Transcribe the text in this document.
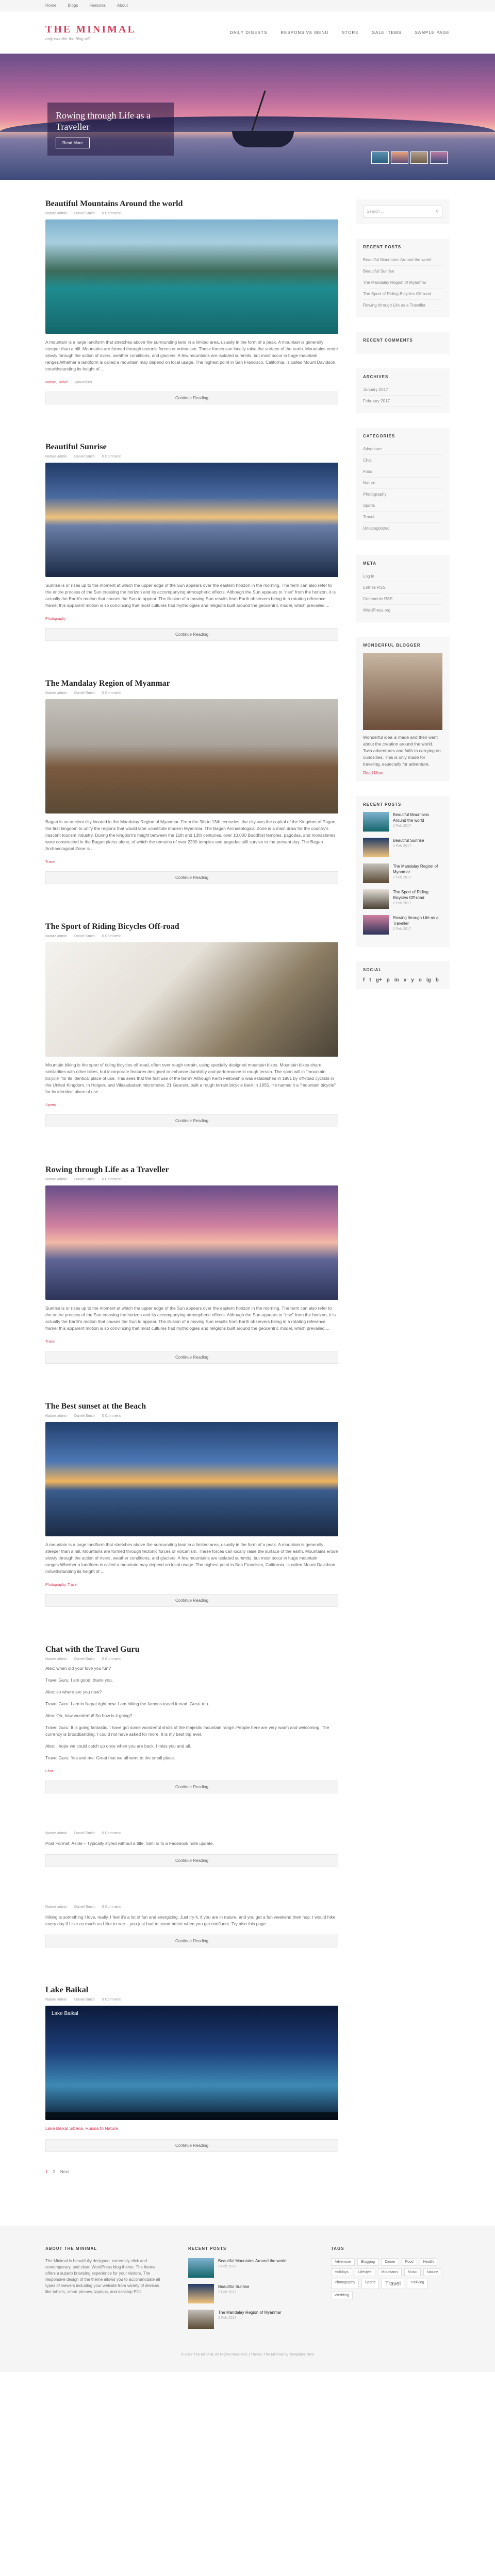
Home	Blogs	Features	About
THE MINIMAL
only wonder the blog will
DAILY DIGESTS	RESPONSIVE MENU	STORE	SALE ITEMS	SAMPLE PAGE
Rowing through Life as a Traveller
Read More
Beautiful Mountains Around the world
Nature admin Daniel Smith 0 Comment
A mountain is a large landform that stretches above the surrounding land in a limited area, usually in the form of a peak. A mountain is generally steeper than a hill. Mountains are formed through tectonic forces or volcanism. These forces can locally raise the surface of the earth. Mountains erode slowly through the action of rivers, weather conditions, and glaciers. A few mountains are isolated summits, but most occur in huge mountain ranges.Whether a landform is called a mountain may depend on local usage. The highest point in San Francisco, California, is called Mount Davidson, notwithstanding its height of ...
Nature, Travel Mountains
Continue Reading
Beautiful Sunrise
Nature admin Daniel Smith 0 Comment
Sunrise is or rises up to the moment at which the upper edge of the Sun appears over the eastern horizon in the morning. The term can also refer to the entire process of the Sun crossing the horizon and its accompanying atmospheric effects. Although the Sun appears to "rise" from the horizon, it is actually the Earth's motion that causes the Sun to appear. The illusion of a moving Sun results from Earth observers being in a rotating reference frame; this apparent motion is so convincing that most cultures had mythologies and religions built around the geocentric model, which prevailed ...
Photography
Continue Reading
The Mandalay Region of Myanmar
Nature admin Daniel Smith 0 Comment
Bagan is an ancient city located in the Mandalay Region of Myanmar. From the 9th to 13th centuries, the city was the capital of the Kingdom of Pagan, the first kingdom to unify the regions that would later constitute modern Myanmar. The Bagan Archaeological Zone is a main draw for the country's nascent tourism industry. During the kingdom's height between the 11th and 13th centuries, over 10,000 Buddhist temples, pagodas, and monasteries were constructed in the Bagan plains alone, of which the remains of over 2200 temples and pagodas still survive to the present day. The Bagan Archaeological Zone is ...
Travel
Continue Reading
The Sport of Riding Bicycles Off-road
Nature admin Daniel Smith 0 Comment
Mountain biking is the sport of riding bicycles off-road, often over rough terrain, using specially designed mountain bikes. Mountain bikes share similarities with other bikes, but incorporate features designed to enhance durability and performance in rough terrain. The sport will in "mountain bicycle" for its identical place of use. This sees that the first use of the term? Although Keith Fellowship was established in 1951 by off-road cyclists in the United Kingdom. In Holgen, and Vilasadadam micromoter, 21 Gearsin, built a rough terrain bicycle back in 1955. He named it a "mountain bicycle" for its identical place of use ...
Sports
Continue Reading
Rowing through Life as a Traveller
Nature admin Daniel Smith 0 Comment
Sunrise is or rises up to the moment at which the upper edge of the Sun appears over the eastern horizon in the morning. The term can also refer to the entire process of the Sun crossing the horizon and its accompanying atmospheric effects. Although the Sun appears to "rise" from the horizon, it is actually the Earth's motion that causes the Sun to appear. The illusion of a moving Sun results from Earth observers being in a rotating reference frame; this apparent motion is so convincing that most cultures had mythologies and religions built around the geocentric model, which prevailed ...
Travel
Continue Reading
The Best sunset at the Beach
Nature admin Daniel Smith 0 Comment
A mountain is a large landform that stretches above the surrounding land in a limited area, usually in the form of a peak. A mountain is generally steeper than a hill. Mountains are formed through tectonic forces or volcanism. These forces can locally raise the surface of the earth. Mountains erode slowly through the action of rivers, weather conditions, and glaciers. A few mountains are isolated summits, but most occur in huge mountain ranges.Whether a landform is called a mountain may depend on local usage. The highest point in San Francisco, California, is called Mount Davidson, notwithstanding its height of ...
Photography, Travel
Continue Reading
Chat with the Travel Guru
Nature admin Daniel Smith 0 Comment

Alex: when did your love you fun?

Travel Guru: I am good. thank you.

Alex: so where are you now?

Travel Guru: I am in Nepal right now. I am hiking the famous travel it road. Great trip.

Alex: Oh, how wonderful! So how is it going?

Travel Guru: It is going fantastic. I have got some wonderful shots of the majestic mountain range. People here are very warm and welcoming. The currency is broadbanding. I could not have asked for more. It is my best trip ever.

Alex: I hope we could catch up once when you are back. I miss you and all.

Travel Guru: Yes and me. Great that we all went to the small place.

Chat
Continue Reading
Nature admin Daniel Smith 0 Comment
Post Format: Aside – Typically styled without a title. Similar to a Facebook note update.
Continue Reading
Nature admin Daniel Smith 0 Comment
Hiking is something I love, really. I feel it's a lot of fun and energizing. Just try it, if you are in nature, and you get a fun weekend then hop. I would hike every day if I like as much as I like to see – you just had to stand better when you get confluent. Try also this page.
Continue Reading
Lake Baikal
Nature admin Daniel Smith 0 Comment
Lake Baikal
Lake Baikal Siberia, Russia to Nature
Continue Reading
1 2 Next
Search ...	⚲
RECENT POSTS
Beautiful Mountains Around the world
Beautiful Sunrise
The Mandalay Region of Myanmar
The Sport of Riding Bicycles Off-road
Rowing through Life as a Traveller
RECENT COMMENTS
ARCHIVES
January 2017
February 2017
CATEGORIES
Adventure
Chat
Food
Nature
Photography
Sports
Travel
Uncategorized
META
Log in
Entries RSS
Comments RSS
WordPress.org
WONDERFUL BLOGGER
Wonderful idea is made and then want about the creation around the world. Twin adventures and faith to carrying on curiosities. This is only made for traveling, especially for adventure.
Read More
RECENT POSTS
Beautiful Mountains Around the world
2 Feb 2017
Beautiful Sunrise
2 Feb 2017
The Mandalay Region of Myanmar
2 Feb 2017
The Sport of Riding Bicycles Off-road
2 Feb 2017
Rowing through Life as a Traveller
2 Feb 2017
SOCIAL
f t g+ p in v y o ig b
ABOUT THE MINIMAL

The Minimal is beautifully designed, extremely slick and contemporary, and clean WordPress blog theme. The theme offers a superb browsing experience for your visitors. The responsive design of the theme allows you to accommodate all types of viewers including your website from variety of devices like tablets, smart phones, laptops, and desktop PCs.

RECENT POSTS
Beautiful Mountains Around the world
2 Feb 2017
Beautiful Sunrise
2 Feb 2017
The Mandalay Region of Myanmar
2 Feb 2017
TAGS
Adventure	Blogging	Dinner	Food	Health
Holidays	Lifestyle	Mountains	Music	Nature
Photography	Sports	Travel	Trekking
Wedding
© 2017 The Minimal. All Rights Reserved. | Theme: The Minimal by Templates Next
